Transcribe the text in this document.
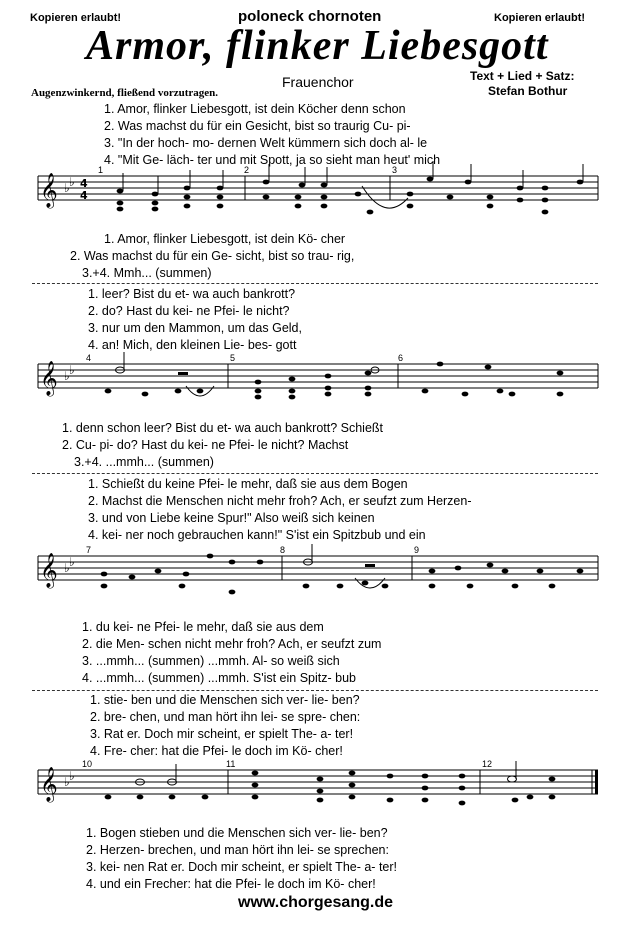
Kopieren erlaubt!	poloneck chornoten	Kopieren erlaubt!
Armor, flinker Liebesgott
Frauenchor	Text + Lied + Satz:
Stefan Bothur
Augenzwinkernd, fließend vorzutragen.
1. Amor, flinker Liebesgott, ist dein Köcher denn schon
2. Was machst du für ein Gesicht, bist so traurig Cu- pi-
3. "In der hoch- mo- dernen Welt kümmern sich doch al- le
4. "Mit Ge- läch- ter und mit Spott, ja so sieht man heut' mich
𝄞 ♭ ♭ 4
4
1	2	3
1. Amor, flinker Liebesgott, ist dein Kö- cher
2. Was machst du für ein Ge- sicht, bist so trau- rig,
3.+4. Mmh... (summen)
1. leer? Bist du et- wa auch bankrott?
2. do? Hast du kei- ne Pfei- le nicht?
3. nur um den Mammon, um das Geld,
4. an! Mich, den kleinen Lie- bes- gott
𝄞 ♭ ♭
4	5	6
1. denn schon leer? Bist du et- wa auch bankrott? Schießt
2. Cu- pi- do? Hast du kei- ne Pfei- le nicht? Machst
3.+4. ...mmh... (summen)
1. Schießt du keine Pfei- le mehr, daß sie aus dem Bogen
2. Machst die Menschen nicht mehr froh? Ach, er seufzt zum Herzen-
3. und von Liebe keine Spur!" Also weiß sich keinen
4. kei- ner noch gebrauchen kann!" S'ist ein Spitzbub und ein
𝄞 ♭ ♭
7	8	9
1. du kei- ne Pfei- le mehr, daß sie aus dem
2. die Men- schen nicht mehr froh? Ach, er seufzt zum
3. ...mmh... (summen) ...mmh. Al- so weiß sich
4. ...mmh... (summen) ...mmh. S'ist ein Spitz- bub
1. stie- ben und die Menschen sich ver- lie- ben?
2. bre- chen, und man hört ihn lei- se spre- chen:
3. Rat er. Doch mir scheint, er spielt The- a- ter!
4. Fre- cher: hat die Pfei- le doch im Kö- cher!
𝄞 ♭ ♭
10	11	12
1. Bogen stieben und die Menschen sich ver- lie- ben?
2. Herzen- brechen, und man hört ihn lei- se sprechen:
3. kei- nen Rat er. Doch mir scheint, er spielt The- a- ter!
4. und ein Frecher: hat die Pfei- le doch im Kö- cher!
www.chorgesang.de
